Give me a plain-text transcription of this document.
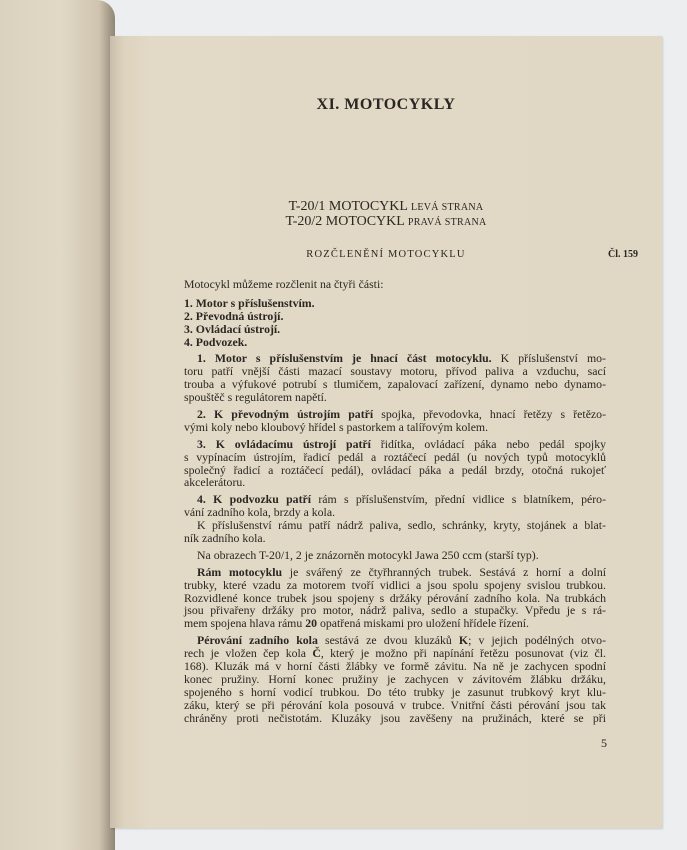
XI. MOTOCYKLY
T-20/1 MOTOCYKL LEVÁ STRANA
T-20/2 MOTOCYKL PRAVÁ STRANA
ROZČLENĚNÍ MOTOCYKLU	Čl. 159
Motocykl můžeme rozčlenit na čtyři části:
1. Motor s příslušenstvím.
2. Převodná ústrojí.
3. Ovládací ústrojí.
4. Podvozek.
1. Motor s příslušenstvím je hnací část motocyklu. K příslušenství mo-
toru patří vnější části mazací soustavy motoru, přívod paliva a vzduchu, sací
trouba a výfukové potrubí s tlumičem, zapalovací zařízení, dynamo nebo dynamo-
spouštěč s regulátorem napětí.
2. K převodným ústrojím patří spojka, převodovka, hnací řetězy s řetězo-
vými koly nebo kloubový hřídel s pastorkem a talířovým kolem.
3. K ovládacímu ústrojí patří řidítka, ovládací páka nebo pedál spojky
s vypínacím ústrojím, řadicí pedál a roztáčecí pedál (u nových typů motocyklů
společný řadicí a roztáčecí pedál), ovládací páka a pedál brzdy, otočná rukojeť
akcelerátoru.
4. K podvozku patří rám s příslušenstvím, přední vidlice s blatníkem, péro-
vání zadního kola, brzdy a kola.
K příslušenství rámu patří nádrž paliva, sedlo, schránky, kryty, stojánek a blat-
ník zadního kola.
Na obrazech T-20/1, 2 je znázorněn motocykl Jawa 250 ccm (starší typ).
Rám motocyklu je svářený ze čtyřhranných trubek. Sestává z horní a dolní
trubky, které vzadu za motorem tvoří vidlici a jsou spolu spojeny svislou trubkou.
Rozvidlené konce trubek jsou spojeny s držáky pérování zadního kola. Na trubkách
jsou přivařeny držáky pro motor, nádrž paliva, sedlo a stupačky. Vpředu je s rá-
mem spojena hlava rámu 20 opatřená miskami pro uložení hřídele řízení.
Pérování zadního kola sestává ze dvou kluzáků K; v jejich podélných otvo-
rech je vložen čep kola Č, který je možno při napínání řetězu posunovat (viz čl.
168). Kluzák má v horní části žlábky ve formě závitu. Na ně je zachycen spodní
konec pružiny. Horní konec pružiny je zachycen v závitovém žlábku držáku,
spojeného s horní vodicí trubkou. Do této trubky je zasunut trubkový kryt klu-
záku, který se při pérování kola posouvá v trubce. Vnitřní části pérování jsou tak
chráněny proti nečistotám. Kluzáky jsou zavěšeny na pružinách, které se při
5
